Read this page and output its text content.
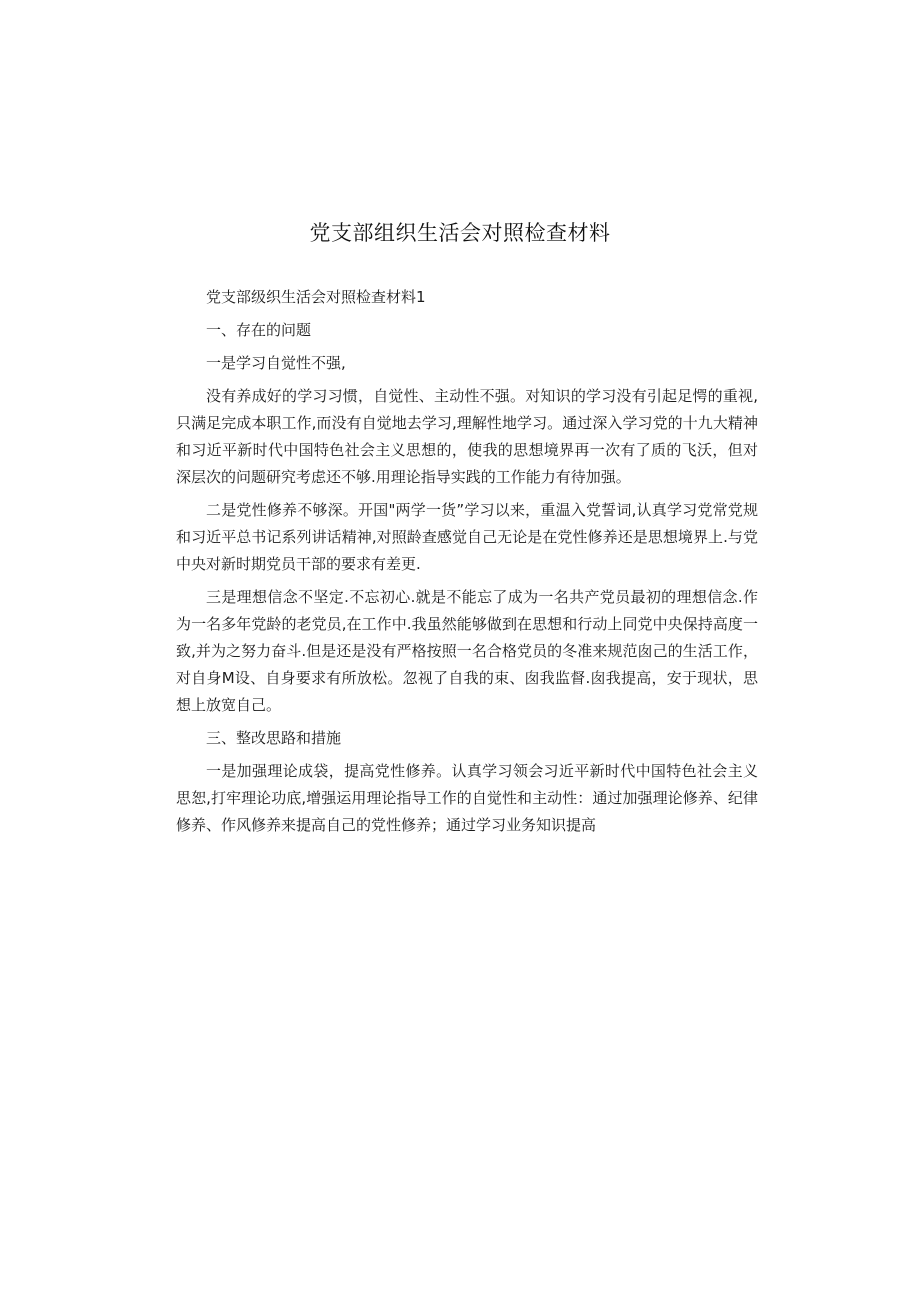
党支部组织生活会对照检查材料

党支部级织生活会对照检查材料1

一、存在的问题

一是学习自觉性不强,

没有养成好的学习习惯，自觉性、主动性不强。对知识的学习没有引起足愕的重视,只满足完成本职工作,而没有自觉地去学习,理解性地学习。通过深入学习党的十九大精神和习近平新时代中国特色社会主义思想的，使我的思想境界再一次有了质的飞沃，但对深层次的问题研究考虑还不够.用理论指导实践的工作能力有待加强。

二是党性修养不够深。开国"两学一货”学习以来，重温入党誓词,认真学习党常党规和习近平总书记系列讲话精神,对照龄查感觉自己无论是在党性修养还是思想境界上.与党中央对新时期党员干部的要求有差更.

三是理想信念不坚定.不忘初心.就是不能忘了成为一名共产党员最初的理想信念.作为一名多年党龄的老党员,在工作中.我虽然能够做到在思想和行动上同党中央保持高度一致,并为之努力奋斗.但是还是没有严格按照一名合格党员的冬准来规范囱己的生活工作，对自身M设、自身要求有所放松。忽视了自我的束、囱我监督.囱我提高，安于现状，思想上放宽自己。

三、整改思路和措施

一是加强理论成袋，提高党性修养。认真学习领会习近平新时代中国特色社会主义思恕,打牢理论功底,增强运用理论指导工作的自觉性和主动性：通过加强理论修养、纪律修养、作风修养来提高自己的党性修养；通过学习业务知识提高
